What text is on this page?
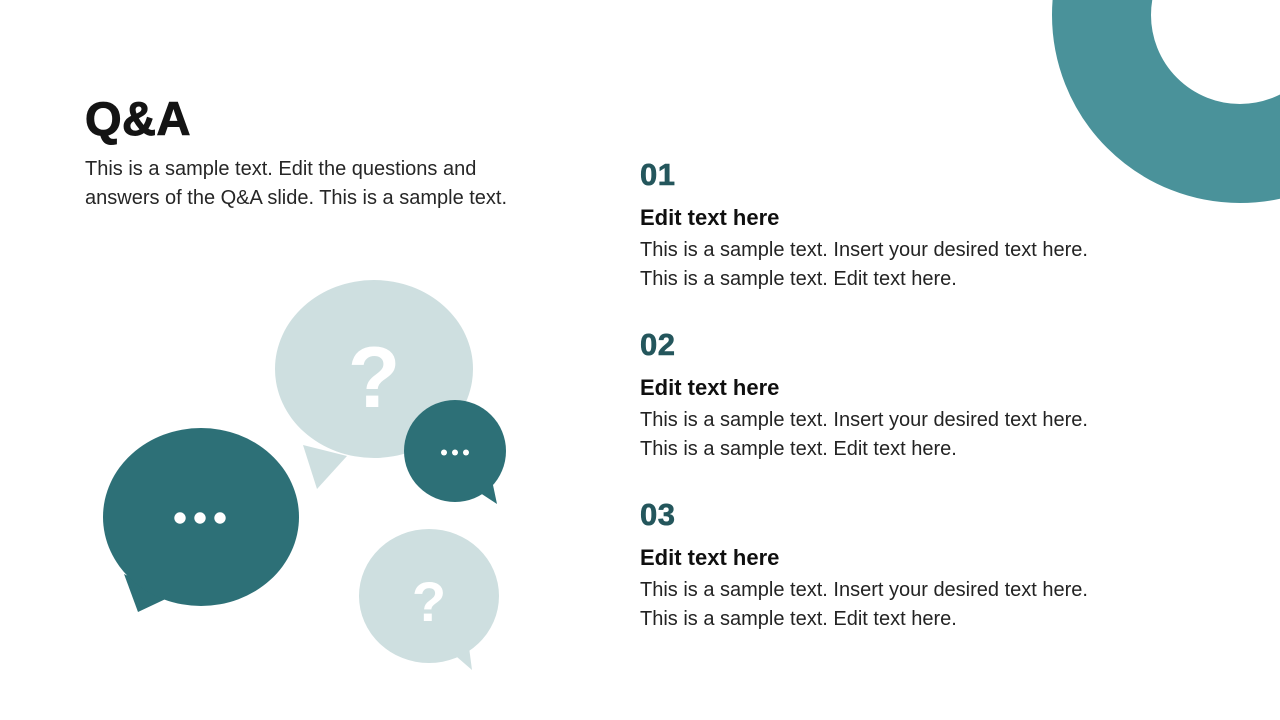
?
?
Q&A

This is a sample text. Edit the questions and answers of the Q&A slide. This is a sample text.

01
Edit text here
This is a sample text. Insert your desired text here. This is a sample text. Edit text here.
02
Edit text here
This is a sample text. Insert your desired text here. This is a sample text. Edit text here.
03
Edit text here
This is a sample text. Insert your desired text here. This is a sample text. Edit text here.
